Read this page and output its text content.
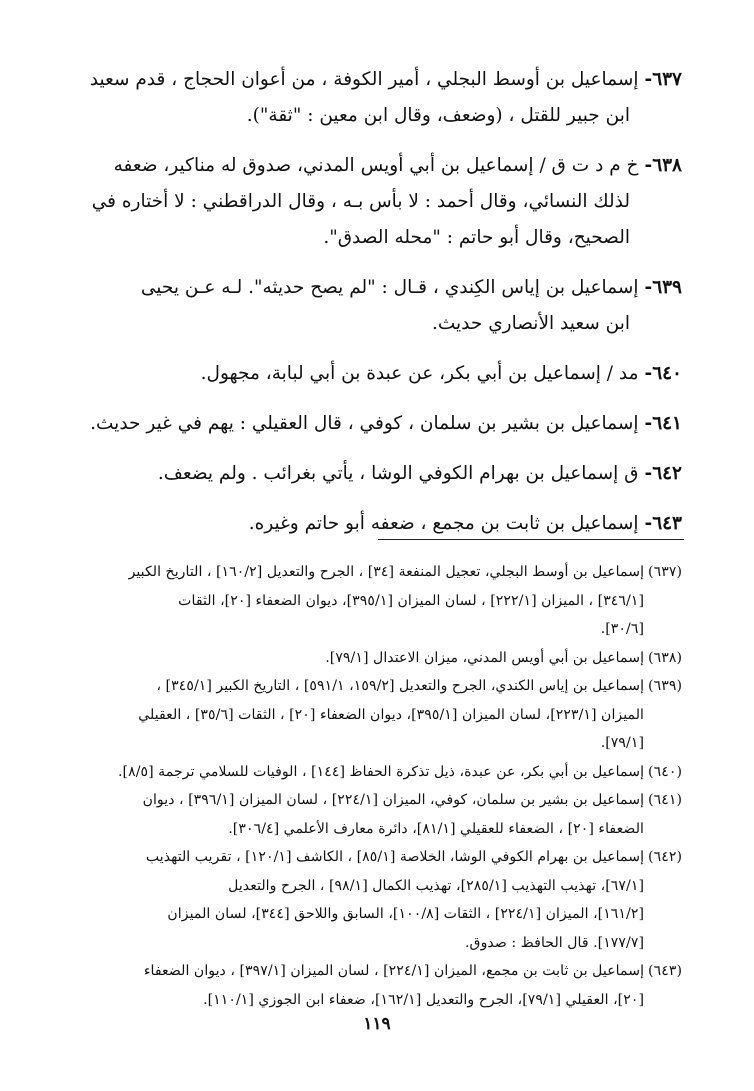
٦٣٧-إسماعيل بن أوسط البجلي ، أمير الكوفة ، من أعوان الحجاج ، قدم سعيد
ابن جبير للقتل ، (وضعف، وقال ابن معين : "ثقة").
٦٣٨-خ م د ت ق / إسماعيل بن أبي أويس المدني، صدوق له مناكير، ضعفه
لذلك النسائي، وقال أحمد : لا بأس بـه ، وقال الدراقطني : لا أختاره في
الصحيح، وقال أبو حاتم : "محله الصدق".
٦٣٩-إسماعيل بن إياس الكِندي ، قـال : "لم يصح حديثه". لـه عـن يحيى
ابن سعيد الأنصاري حديث.
٦٤٠-مد / إسماعيل بن أبي بكر، عن عبدة بن أبي لبابة، مجهول.
٦٤١-إسماعيل بن بشير بن سلمان ، كوفي ، قال العقيلي : يهم في غير حديث.
٦٤٢-ق إسماعيل بن بهرام الكوفي الوشا ، يأتي بغرائب . ولم يضعف.
٦٤٣-إسماعيل بن ثابت بن مجمع ، ضعفه أبو حاتم وغيره.
(٦٣٧)إسماعيل بن أوسط البجلي، تعجيل المنفعة [٣٤] ، الجرح والتعديل [١٦٠/٢] ، التاريخ الكبير
[٣٤٦/١] ، الميزان [٢٢٢/١] ، لسان الميزان [٣٩٥/١]، ديوان الضعفاء [٢٠]، الثقات
[٣٠/٦].
(٦٣٨)إسماعيل بن أبي أويس المدني، ميزان الاعتدال [٧٩/١].
(٦٣٩)إسماعيل بن إياس الكندي، الجرح والتعديل [١٥٩/٢، ٥٩١/١] ، التاريخ الكبير [٣٤٥/١] ،
الميزان [٢٢٣/١]، لسان الميزان [٣٩٥/١]، ديوان الضعفاء [٢٠] ، الثقات [٣٥/٦] ، العقيلي
[٧٩/١].
(٦٤٠)إسماعيل بن أبي بكر، عن عبدة، ذيل تذكرة الحفاظ [١٤٤] ، الوفيات للسلامي ترجمة [٨/٥].
(٦٤١)إسماعيل بن بشير بن سلمان، كوفي، الميزان [٢٢٤/١] ، لسان الميزان [٣٩٦/١] ، ديوان
الضعفاء [٢٠] ، الضعفاء للعقيلي [٨١/١]، دائرة معارف الأعلمي [٣٠٦/٤].
(٦٤٢)إسماعيل بن بهرام الكوفي الوشا، الخلاصة [٨٥/١] ، الكاشف [١٢٠/١] ، تقريب التهذيب
[٦٧/١]، تهذيب التهذيب [٢٨٥/١]، تهذيب الكمال [٩٨/١] ، الجرح والتعديل
[١٦١/٢]، الميزان [٢٢٤/١] ، الثقات [١٠٠/٨]، السابق واللاحق [٣٤٤]، لسان الميزان
[١٧٧/٧]. قال الحافظ : صدوق.
(٦٤٣)إسماعيل بن ثابت بن مجمع، الميزان [٢٢٤/١] ، لسان الميزان [٣٩٧/١] ، ديوان الضعفاء
[٢٠]، العقيلي [٧٩/١]، الجرح والتعديل [١٦٢/١]، ضعفاء ابن الجوزي [١١٠/١].
١١٩
